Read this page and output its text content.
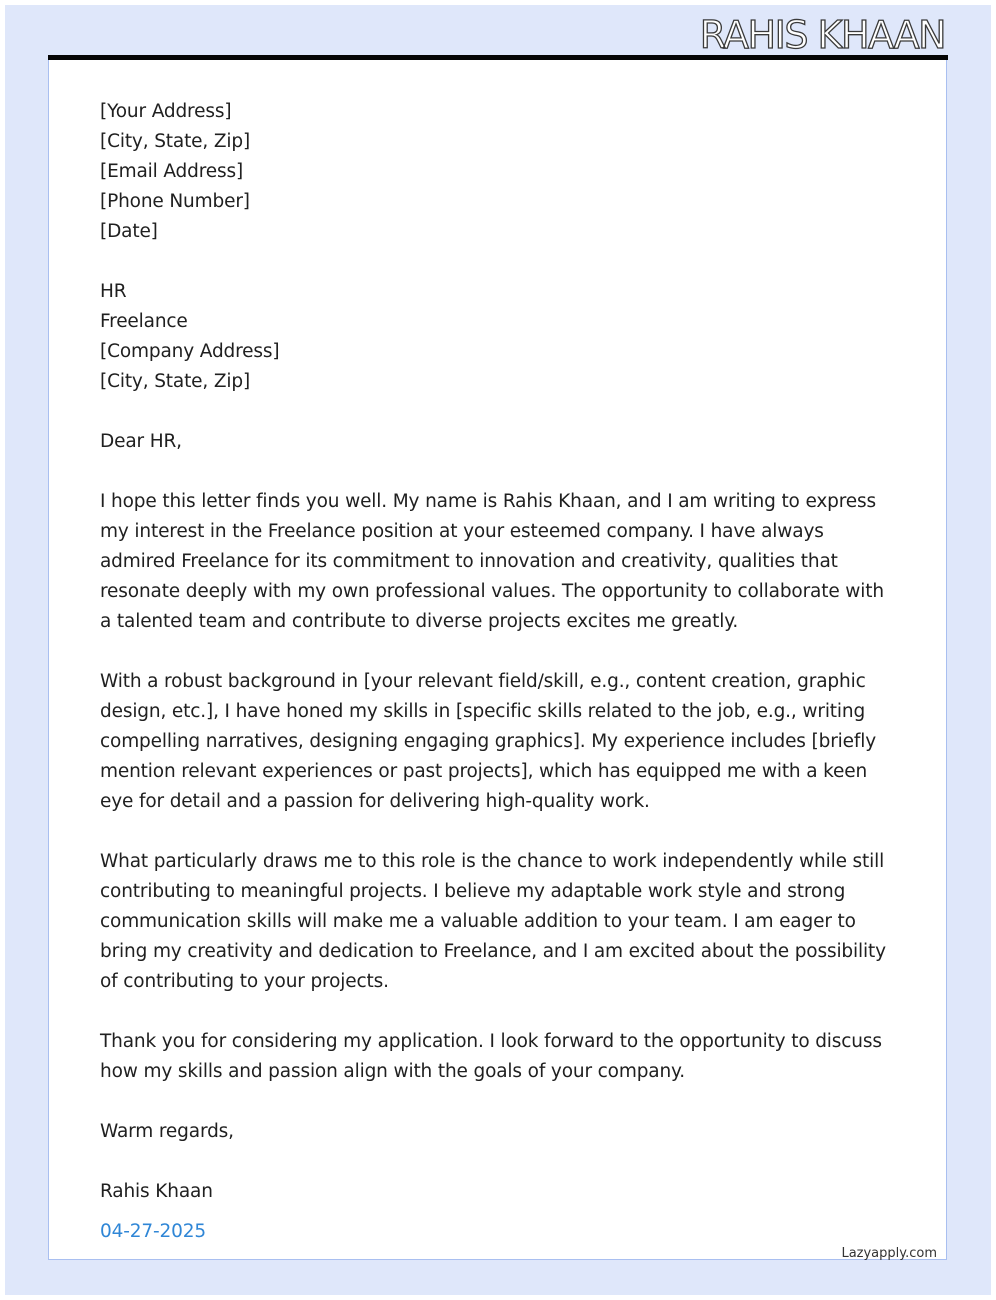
RAHIS KHAAN
[Your Address]
[City, State, Zip]
[Email Address]
[Phone Number]
[Date]
HR
Freelance
[Company Address]
[City, State, Zip]

Dear HR,

I hope this letter finds you well. My name is Rahis Khaan, and I am writing to express my interest in the Freelance position at your esteemed company. I have always admired Freelance for its commitment to innovation and creativity, qualities that resonate deeply with my own professional values. The opportunity to collaborate with a talented team and contribute to diverse projects excites me greatly.

With a robust background in [your relevant field/skill, e.g., content creation, graphic design, etc.], I have honed my skills in [specific skills related to the job, e.g., writing compelling narratives, designing engaging graphics]. My experience includes [briefly mention relevant experiences or past projects], which has equipped me with a keen eye for detail and a passion for delivering high-quality work.

What particularly draws me to this role is the chance to work independently while still contributing to meaningful projects. I believe my adaptable work style and strong communication skills will make me a valuable addition to your team. I am eager to bring my creativity and dedication to Freelance, and I am excited about the possibility of contributing to your projects.

Thank you for considering my application. I look forward to the opportunity to discuss how my skills and passion align with the goals of your company.

Warm regards,

Rahis Khaan
04-27-2025
Lazyapply.com
